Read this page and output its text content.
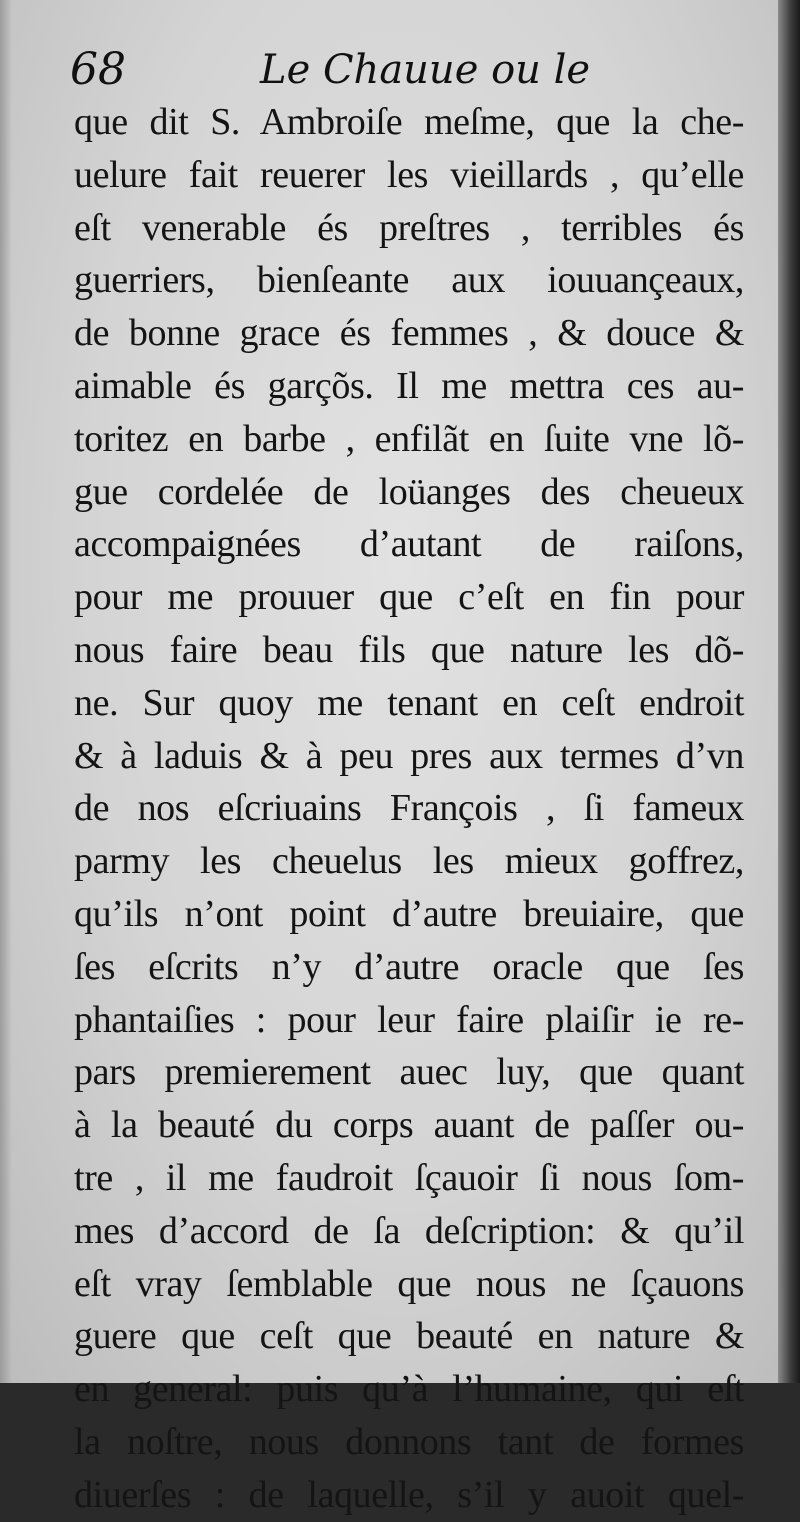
68	Le Chauue ou le
que dit S. Ambroiſe meſme, que la che-
uelure fait reuerer les vieillards , qu’elle
eſt venerable és preſtres , terribles és
guerriers, bienſeante aux iouuançeaux,
de bonne grace és femmes , & douce &
aimable és garçõs. Il me mettra ces au-
toritez en barbe , enfilãt en ſuite vne lõ-
gue cordelée de loüanges des cheueux
accompaignées d’autant de raiſons,
pour me prouuer que c’eſt en fin pour
nous faire beau fils que nature les dõ-
ne. Sur quoy me tenant en ceſt endroit
& à laduis & à peu pres aux termes d’vn
de nos eſcriuains François , ſi fameux
parmy les cheuelus les mieux goffrez,
qu’ils n’ont point d’autre breuiaire, que
ſes eſcrits n’y d’autre oracle que ſes
phantaiſies : pour leur faire plaiſir ie re-
pars premierement auec luy, que quant
à la beauté du corps auant de paſſer ou-
tre , il me faudroit ſçauoir ſi nous ſom-
mes d’accord de ſa deſcription: & qu’il
eſt vray ſemblable que nous ne ſçauons
guere que ceſt que beauté en nature &
en general: puis qu’à l’humaine, qui eſt
la noſtre, nous donnons tant de formes
diuerſes : de laquelle, s’il y auoit quel-
